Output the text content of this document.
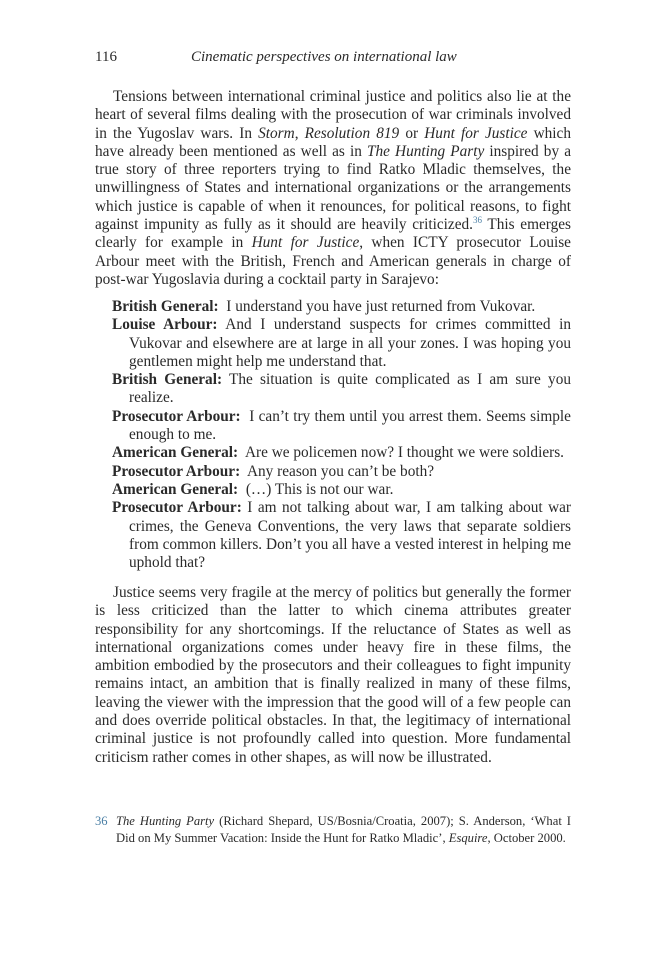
116	Cinematic perspectives on international law

Tensions between international criminal justice and politics also lie at the heart of several films dealing with the prosecution of war criminals involved in the Yugoslav wars. In Storm, Resolution 819 or Hunt for Justice which have already been mentioned as well as in The Hunting Party inspired by a true story of three reporters trying to find Ratko Mladic themselves, the unwillingness of States and international organizations or the arrangements which justice is capable of when it renounces, for political reasons, to fight against impunity as fully as it should are heavily criticized.$^{36}$ This emerges clearly for example in Hunt for Justice, when ICTY prosecutor Louise Arbour meet with the British, French and American generals in charge of post-war Yugoslavia during a cocktail party in Sarajevo:

British General: I understand you have just returned from Vukovar.

Louise Arbour: And I understand suspects for crimes committed in Vukovar and elsewhere are at large in all your zones. I was hoping you gentlemen might help me understand that.

British General: The situation is quite complicated as I am sure you realize.

Prosecutor Arbour: I can’t try them until you arrest them. Seems simple enough to me.

American General: Are we policemen now? I thought we were soldiers.

Prosecutor Arbour: Any reason you can’t be both?

American General: (…) This is not our war.

Prosecutor Arbour: I am not talking about war, I am talking about war crimes, the Geneva Conventions, the very laws that separate soldiers from common killers. Don’t you all have a vested interest in helping me uphold that?

Justice seems very fragile at the mercy of politics but generally the former is less criticized than the latter to which cinema attributes greater responsibility for any shortcomings. If the reluctance of States as well as international organizations comes under heavy fire in these films, the ambition embodied by the prosecutors and their colleagues to fight impunity remains intact, an ambition that is finally realized in many of these films, leaving the viewer with the impression that the good will of a few people can and does override political obstacles. In that, the legitimacy of international criminal justice is not profoundly called into question. More fundamental criticism rather comes in other shapes, as will now be illustrated.

36 The Hunting Party (Richard Shepard, US/Bosnia/Croatia, 2007); S. Anderson, ‘What I Did on My Summer Vacation: Inside the Hunt for Ratko Mladic’, Esquire, October 2000.
